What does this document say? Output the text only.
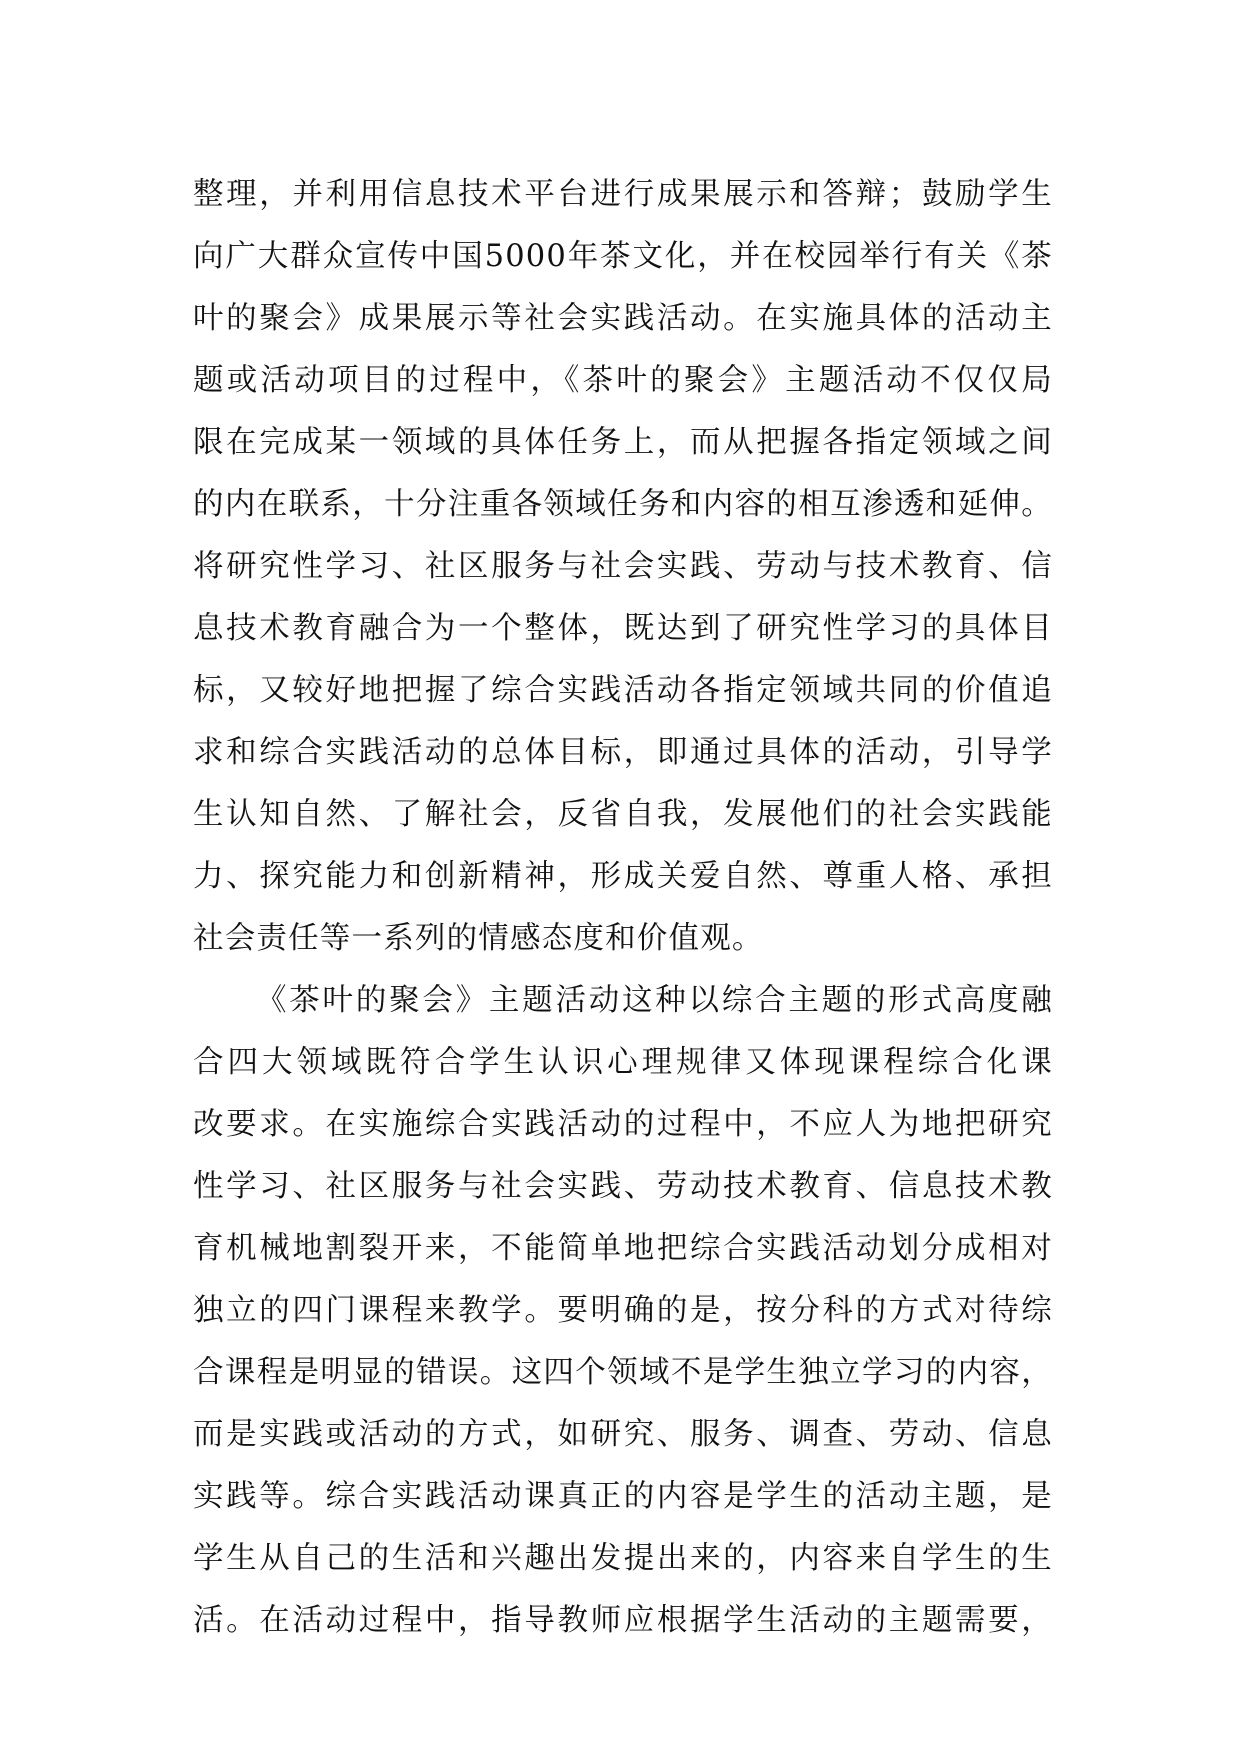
整理，并利用信息技术平台进行成果展示和答辩；鼓励学生
向广大群众宣传中国5000年茶文化，并在校园举行有关《茶
叶的聚会》成果展示等社会实践活动。在实施具体的活动主
题或活动项目的过程中，《茶叶的聚会》主题活动不仅仅局
限在完成某一领域的具体任务上，而从把握各指定领域之间
的内在联系，十分注重各领域任务和内容的相互渗透和延伸。
将研究性学习、社区服务与社会实践、劳动与技术教育、信
息技术教育融合为一个整体，既达到了研究性学习的具体目
标，又较好地把握了综合实践活动各指定领域共同的价值追
求和综合实践活动的总体目标，即通过具体的活动，引导学
生认知自然、了解社会，反省自我，发展他们的社会实践能
力、探究能力和创新精神，形成关爱自然、尊重人格、承担
社会责任等一系列的情感态度和价值观。
《茶叶的聚会》主题活动这种以综合主题的形式高度融
合四大领域既符合学生认识心理规律又体现课程综合化课
改要求。在实施综合实践活动的过程中，不应人为地把研究
性学习、社区服务与社会实践、劳动技术教育、信息技术教
育机械地割裂开来，不能简单地把综合实践活动划分成相对
独立的四门课程来教学。要明确的是，按分科的方式对待综
合课程是明显的错误。这四个领域不是学生独立学习的内容，
而是实践或活动的方式，如研究、服务、调查、劳动、信息
实践等。综合实践活动课真正的内容是学生的活动主题，是
学生从自己的生活和兴趣出发提出来的，内容来自学生的生
活。在活动过程中，指导教师应根据学生活动的主题需要，
